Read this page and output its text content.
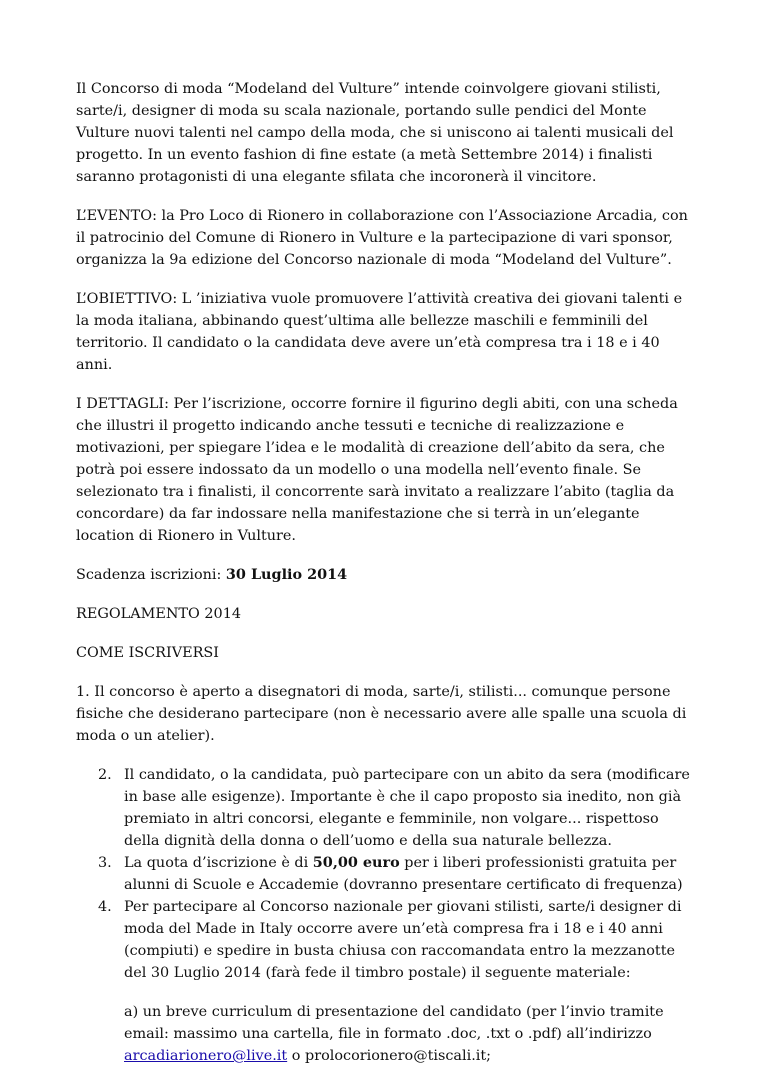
Il Concorso di moda “Modeland del Vulture” intende coinvolgere giovani stilisti, sarte/i, designer di moda su scala nazionale, portando sulle pendici del Monte Vulture nuovi talenti nel campo della moda, che si uniscono ai talenti musicali del progetto. In un evento fashion di fine estate (a metà Settembre 2014) i finalisti saranno protagonisti di una elegante sfilata che incoronerà il vincitore.

L’EVENTO: la Pro Loco di Rionero in collaborazione con l’Associazione Arcadia, con il patrocinio del Comune di Rionero in Vulture e la partecipazione di vari sponsor, organizza la 9a edizione del Concorso nazionale di moda “Modeland del Vulture”.

L’OBIETTIVO: L ’iniziativa vuole promuovere l’attività creativa dei giovani talenti e la moda italiana, abbinando quest’ultima alle bellezze maschili e femminili del territorio. Il candidato o la candidata deve avere un’età compresa tra i 18 e i 40 anni.

I DETTAGLI: Per l’iscrizione, occorre fornire il figurino degli abiti, con una scheda che illustri il progetto indicando anche tessuti e tecniche di realizzazione e motivazioni, per spiegare l’idea e le modalità di creazione dell’abito da sera, che potrà poi essere indossato da un modello o una modella nell’evento finale. Se selezionato tra i finalisti, il concorrente sarà invitato a realizzare l’abito (taglia da concordare) da far indossare nella manifestazione che si terrà in un’elegante location di Rionero in Vulture.

Scadenza iscrizioni: 30 Luglio 2014

REGOLAMENTO 2014

COME ISCRIVERSI

1. Il concorso è aperto a disegnatori di moda, sarte/i, stilisti... comunque persone fisiche che desiderano partecipare (non è necessario avere alle spalle una scuola di moda o un atelier).

2. Il candidato, o la candidata, può partecipare con un abito da sera (modificare in base alle esigenze). Importante è che il capo proposto sia inedito, non già premiato in altri concorsi, elegante e femminile, non volgare... rispettoso della dignità della donna o dell’uomo e della sua naturale bellezza.
3. La quota d’iscrizione è di 50,00 euro per i liberi professionisti gratuita per alunni di Scuole e Accademie (dovranno presentare certificato di frequenza)
4. Per partecipare al Concorso nazionale per giovani stilisti, sarte/i designer di moda del Made in Italy occorre avere un’età compresa fra i 18 e i 40 anni (compiuti) e spedire in busta chiusa con raccomandata entro la mezzanotte del 30 Luglio 2014 (farà fede il timbro postale) il seguente materiale:

a) un breve curriculum di presentazione del candidato (per l’invio tramite email: massimo una cartella, file in formato .doc, .txt o .pdf) all’indirizzo arcadiarionero@live.it o prolocorionero@tiscali.it;
